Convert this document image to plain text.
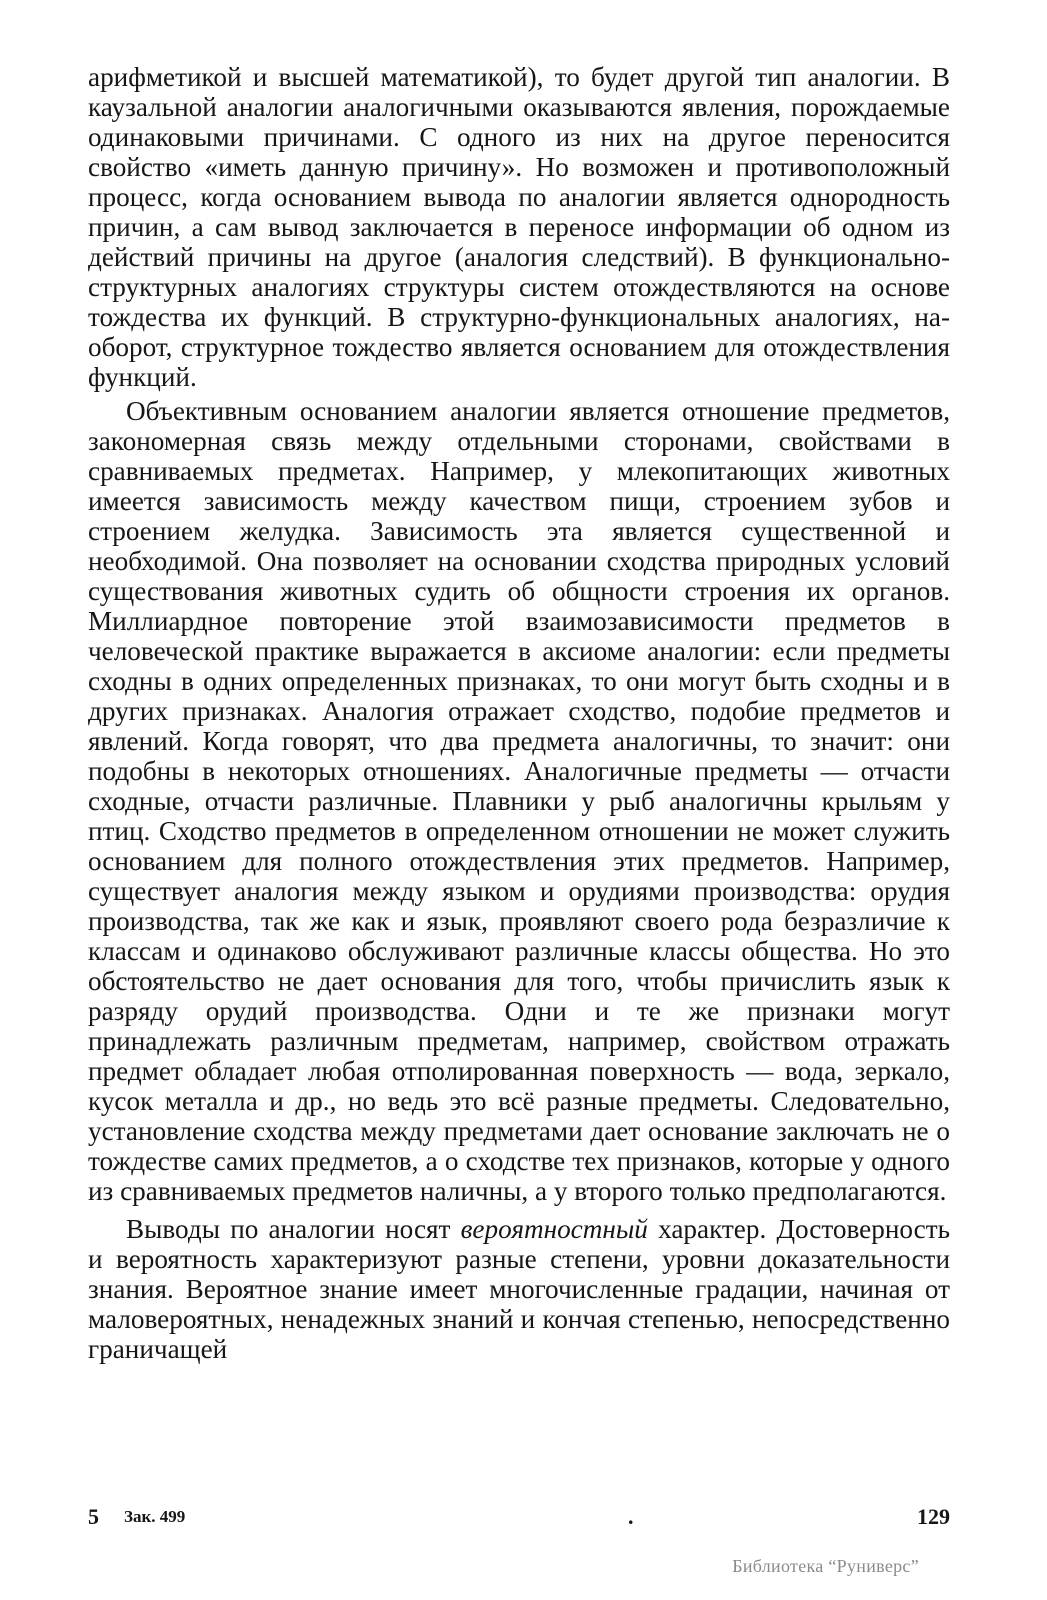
арифметикой и высшей математикой), то будет другой тип аналогии. В каузальной аналогии аналогичными оказываются явления, порождаемые одинаковыми причинами. С одного из них на другое переносится свойство «иметь данную причину». Но возможен и противоположный процесс, когда основанием вывода по аналогии является однородность причин, а сам вывод заключается в переносе информации об одном из действий причины на другое (аналогия следствий). В функционально-структурных аналогиях структуры систем отождествляются на основе тождества их функций. В структурно-функциональных аналогиях, наоборот, структурное тождество является основанием для отождествления функций.

Объективным основанием аналогии является отношение предметов, закономерная связь между отдельными сторонами, свойствами в сравниваемых предметах. Например, у млекопитающих животных имеется зависимость между качеством пищи, строением зубов и строением желудка. Зависимость эта является существенной и необходимой. Она позволяет на основании сходства природных условий существования животных судить об общности строения их органов. Миллиардное повторение этой взаимозависимости предметов в человеческой практике выражается в аксиоме аналогии: если предметы сходны в одних определенных признаках, то они могут быть сходны и в других признаках. Аналогия отражает сходство, подобие предметов и явлений. Когда говорят, что два предмета аналогичны, то значит: они подобны в некоторых отношениях. Аналогичные предметы — отчасти сходные, отчасти различные. Плавники у рыб аналогичны крыльям у птиц. Сходство предметов в определенном отношении не может служить основанием для полного отождествления этих предметов. Например, существует аналогия между языком и орудиями производства: орудия производства, так же как и язык, проявляют своего рода безразличие к классам и одинаково обслуживают различные классы общества. Но это обстоятельство не дает основания для того, чтобы причислить язык к разряду орудий производства. Одни и те же признаки могут принадлежать различным предметам, например, свойством отражать предмет обладает любая отполированная поверхность — вода, зеркало, кусок металла и др., но ведь это всё разные предметы. Следовательно, установление сходства между предметами дает основание заключать не о тождестве самих предметов, а о сходстве тех признаков, которые у одного из сравниваемых предметов наличны, а у второго только предполагаются.

Выводы по аналогии носят вероятностный характер. Достоверность и вероятность характеризуют разные степени, уровни доказательности знания. Вероятное знание имеет многочисленные градации, начиная от маловероятных, ненадежных знаний и кончая степенью, непосредственно граничащей

5 Зак. 499	.	129
Библиотека “Руниверс”
